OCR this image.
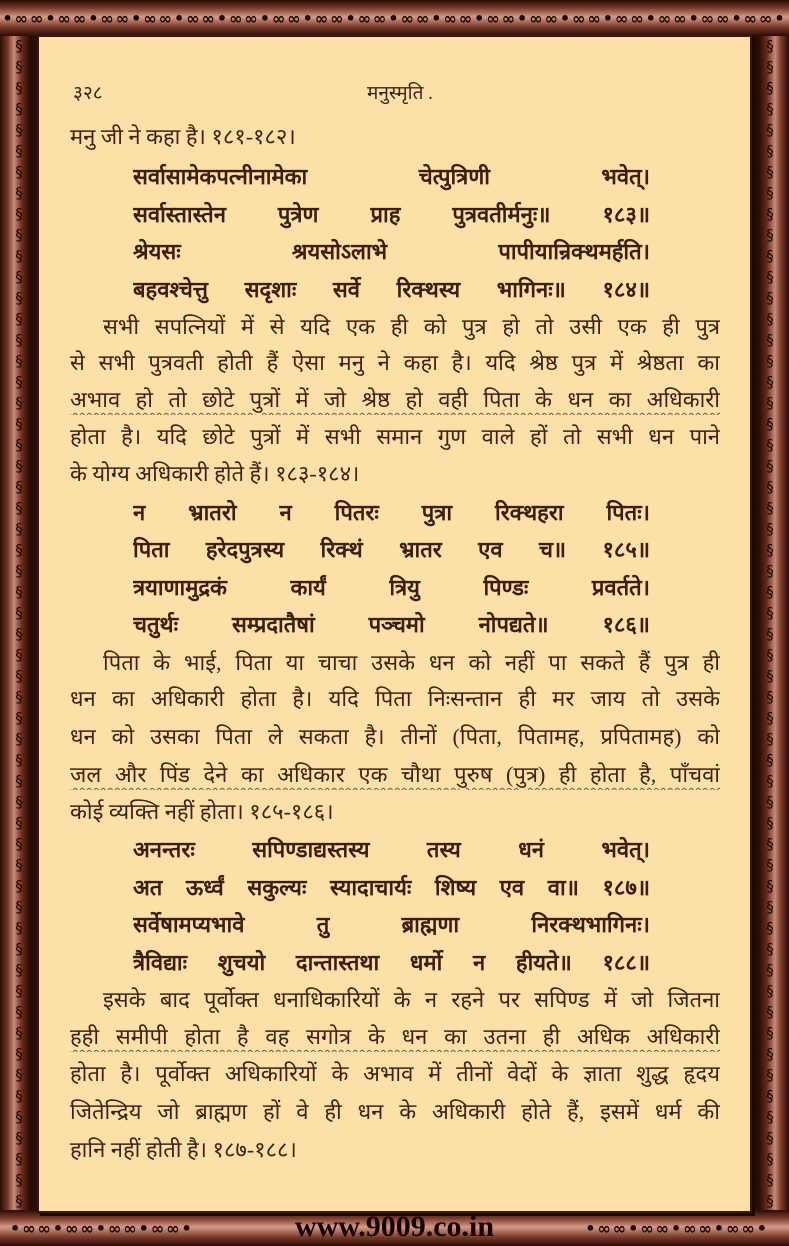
•∞∞•∞∞•∞∞•∞∞•∞∞•∞∞•∞∞•∞∞•∞∞•∞∞•∞∞•∞∞•∞∞•∞∞•∞∞•∞∞•∞∞•∞∞•
•∞∞•∞∞•∞∞•∞∞•	•∞∞•∞∞•∞∞•∞∞•
§
§
§
§
§
§
§
§
§
§
§
§
§
§
§
§
§
§
§
§
§
§
§
§
§
§
§
§
§
§
§
§
§
§
§
§
§
§
§
§
§
§
§
§
§
§
§
§
§
§
§
§
§
§
§
§
§
§
§
§
§
§
§
§
§
§
§
§
§
§
§
§
§
§
§
§
§
§
§
§
§
§
§
§
§
§
§
§
§
§
§
§
§
§
§
§
§
§
§
§
§
§
§
§
§
§
§
§
§
§
§
§
३२८	मनुस्मृति .
मनु जी ने कहा है। १८१-१८२।
सर्वासामेकपत्नीनामेका चेत्पुत्रिणी भवेत्।
सर्वास्तास्तेन पुत्रेण प्राह पुत्रवतीर्मनुः॥ १८३॥
श्रेयसः श्रयसोऽलाभे पापीयान्रिक्थमर्हति।
बहवश्चेत्तु सदृशाः सर्वे रिक्थस्य भागिनः॥ १८४॥
सभी सपत्नियों में से यदि एक ही को पुत्र हो तो उसी एक ही पुत्र
से सभी पुत्रवती होती हैं ऐसा मनु ने कहा है। यदि श्रेष्ठ पुत्र में श्रेष्ठता का
अभाव हो तो छोटे पुत्रों में जो श्रेष्ठ हो वही पिता के धन का अधिकारी
होता है। यदि छोटे पुत्रों में सभी समान गुण वाले हों तो सभी धन पाने
के योग्य अधिकारी होते हैं। १८३-१८४।
न भ्रातरो न पितरः पुत्रा रिक्थहरा पितः।
पिता हरेदपुत्रस्य रिक्थं भ्रातर एव च॥ १८५॥
त्रयाणामुद्रकं कार्यं त्रियु पिण्डः प्रवर्तते।
चतुर्थः सम्प्रदातैषां पञ्चमो नोपद्यते॥ १८६॥
पिता के भाई, पिता या चाचा उसके धन को नहीं पा सकते हैं पुत्र ही
धन का अधिकारी होता है। यदि पिता निःसन्तान ही मर जाय तो उसके
धन को उसका पिता ले सकता है। तीनों (पिता, पितामह, प्रपितामह) को
जल और पिंड देने का अधिकार एक चौथा पुरुष (पुत्र) ही होता है, पाँचवां
कोई व्यक्ति नहीं होता। १८५-१८६।
अनन्तरः सपिण्डाद्यस्तस्य तस्य धनं भवेत्।
अत ऊर्ध्वं सकुल्यः स्यादाचार्यः शिष्य एव वा॥ १८७॥
सर्वेषामप्यभावे तु ब्राह्मणा निरक्थभागिनः।
त्रैविद्याः शुचयो दान्तास्तथा धर्मो न हीयते॥ १८८॥
इसके बाद पूर्वोक्त धनाधिकारियों के न रहने पर सपिण्ड में जो जितना
हही समीपी होता है वह सगोत्र के धन का उतना ही अधिक अधिकारी
होता है। पूर्वोक्त अधिकारियों के अभाव में तीनों वेदों के ज्ञाता शुद्ध हृदय
जितेन्द्रिय जो ब्राह्मण हों वे ही धन के अधिकारी होते हैं, इसमें धर्म की
हानि नहीं होती है। १८७-१८८।
www.9009.co.in
